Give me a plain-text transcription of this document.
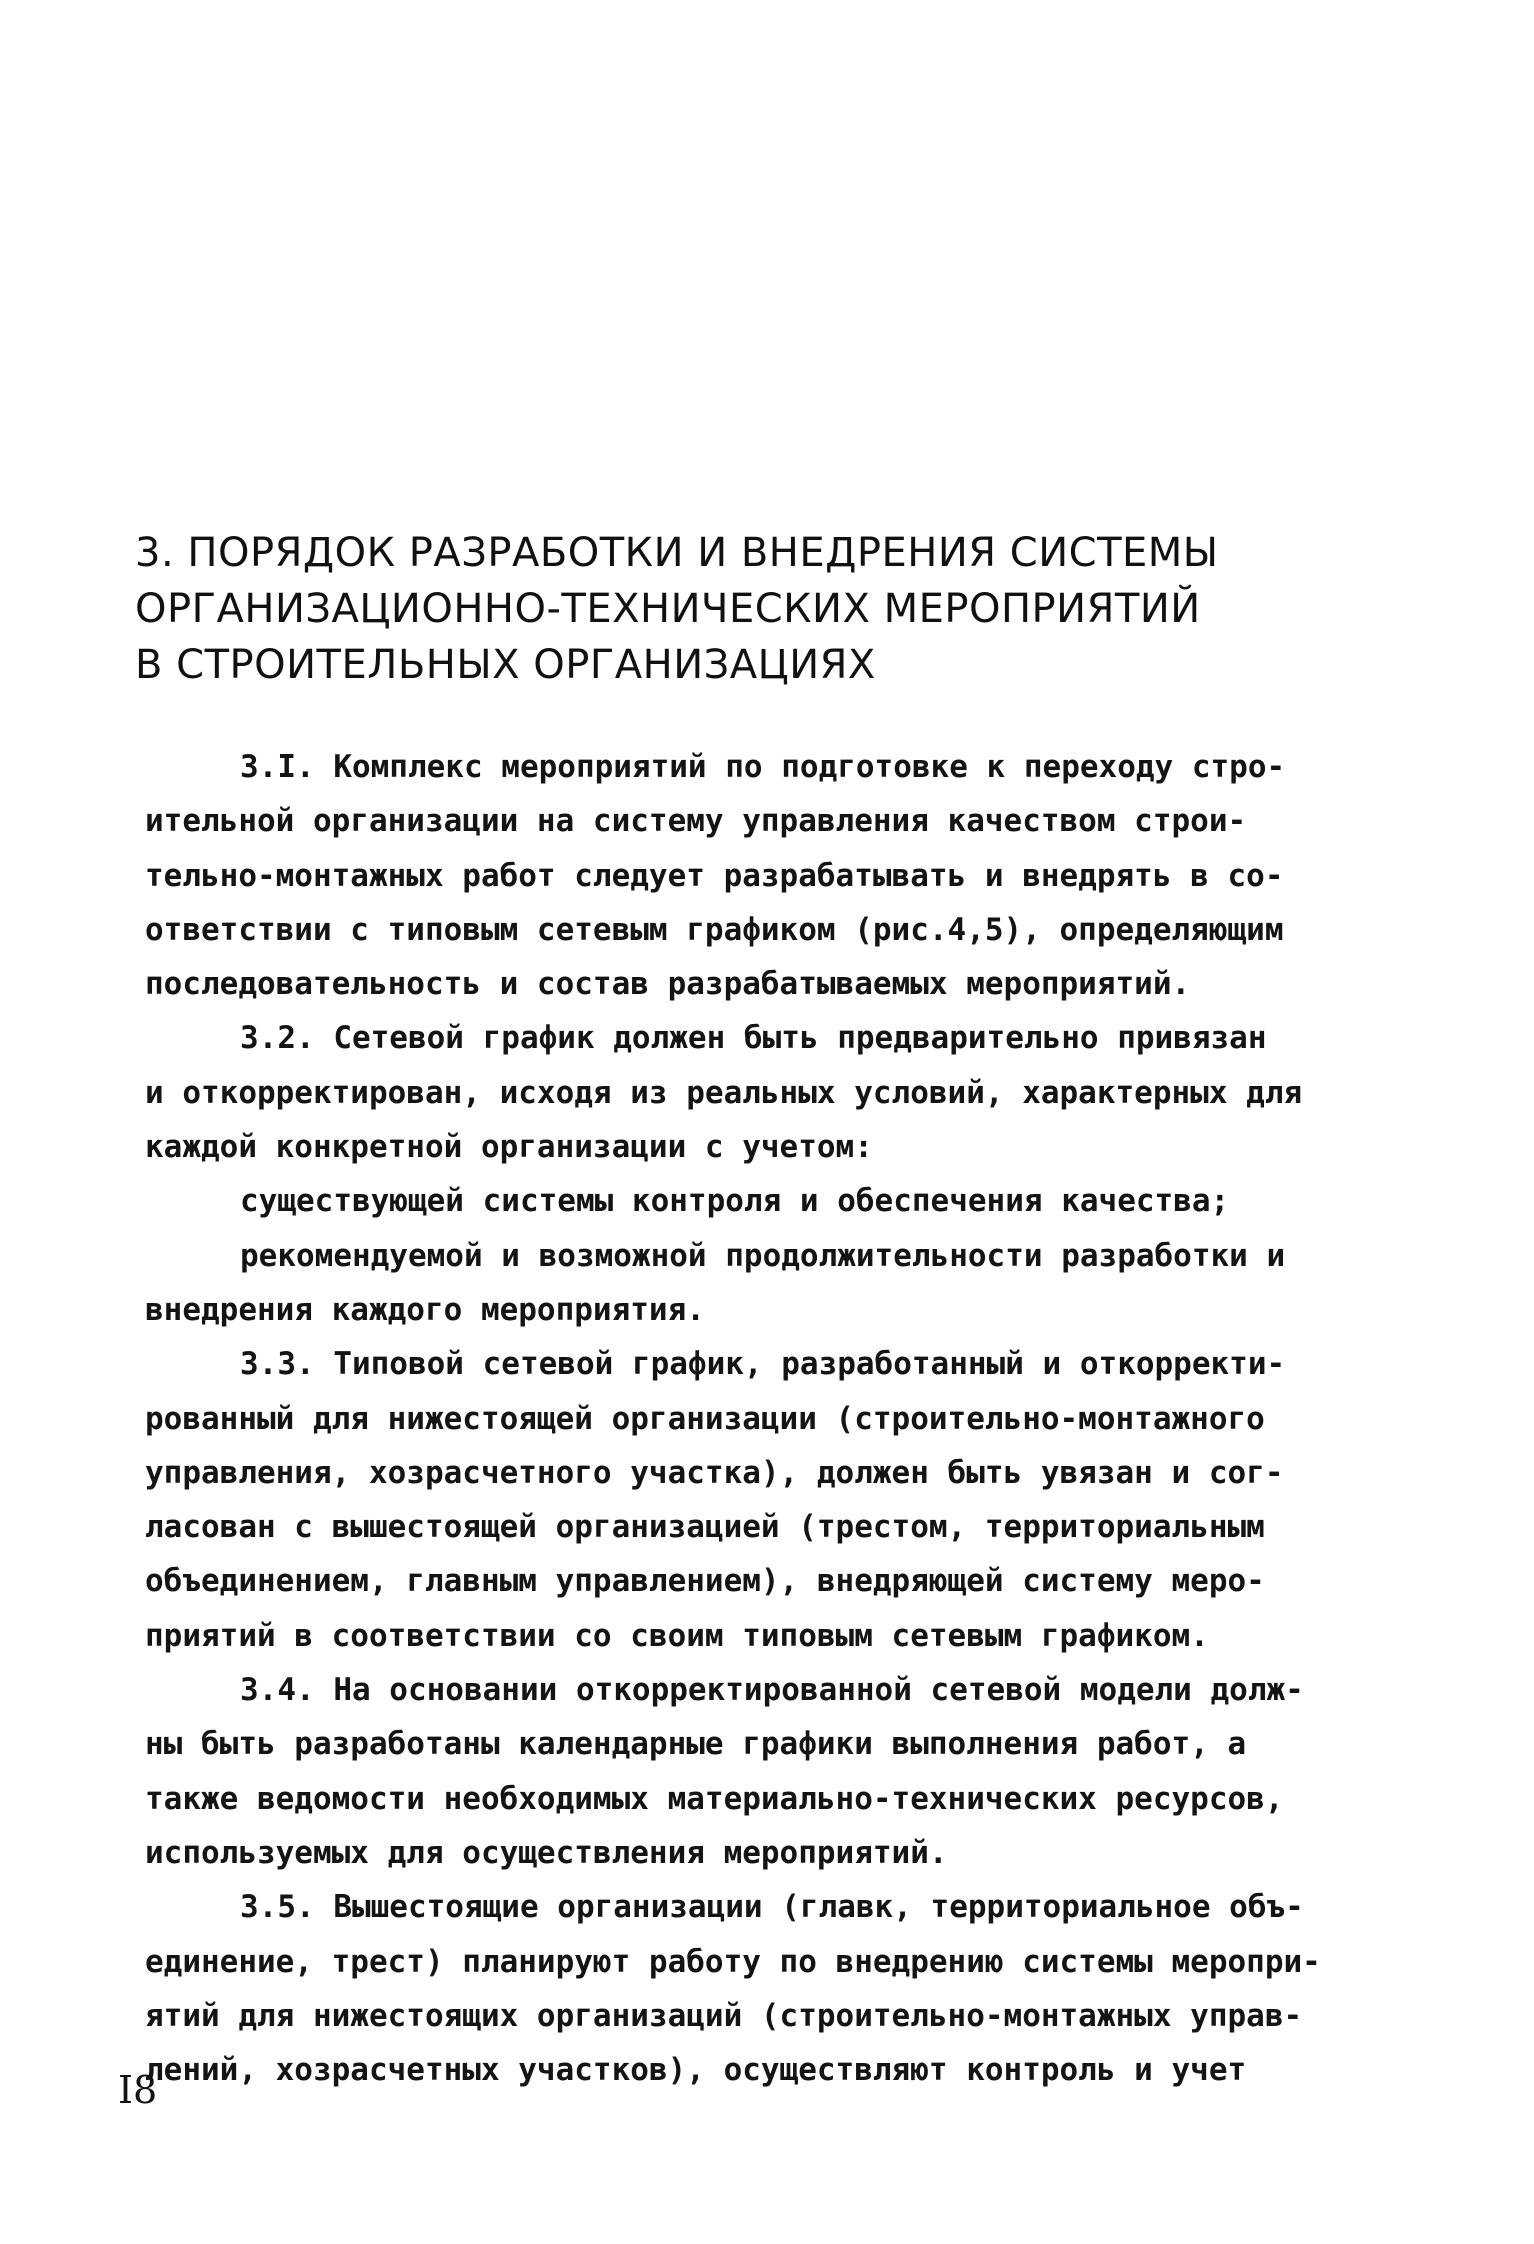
3. ПОРЯДОК РАЗРАБОТКИ И ВНЕДРЕНИЯ СИСТЕМЫ
ОРГАНИЗАЦИОННО-ТЕХНИЧЕСКИХ МЕРОПРИЯТИЙ
В СТРОИТЕЛЬНЫХ ОРГАНИЗАЦИЯХ
3.I. Комплекс мероприятий по подготовке к переходу стро-
ительной организации на систему управления качеством строи-
тельно-монтажных работ следует разрабатывать и внедрять в со-
ответствии с типовым сетевым графиком (рис.4,5), определяющим
последовательность и состав разрабатываемых мероприятий.
3.2. Сетевой график должен быть предварительно привязан
и откорректирован, исходя из реальных условий, характерных для
каждой конкретной организации с учетом:
существующей системы контроля и обеспечения качества;
рекомендуемой и возможной продолжительности разработки и
внедрения каждого мероприятия.
3.3. Типовой сетевой график, разработанный и откорректи-
рованный для нижестоящей организации (строительно-монтажного
управления, хозрасчетного участка), должен быть увязан и сог-
ласован с вышестоящей организацией (трестом, территориальным
объединением, главным управлением), внедряющей систему меро-
приятий в соответствии со своим типовым сетевым графиком.
3.4. На основании откорректированной сетевой модели долж-
ны быть разработаны календарные графики выполнения работ, а
также ведомости необходимых материально-технических ресурсов,
используемых для осуществления мероприятий.
3.5. Вышестоящие организации (главк, территориальное объ-
единение, трест) планируют работу по внедрению системы меропри-
ятий для нижестоящих организаций (строительно-монтажных управ-
лений, хозрасчетных участков), осуществляют контроль и учет
I8
